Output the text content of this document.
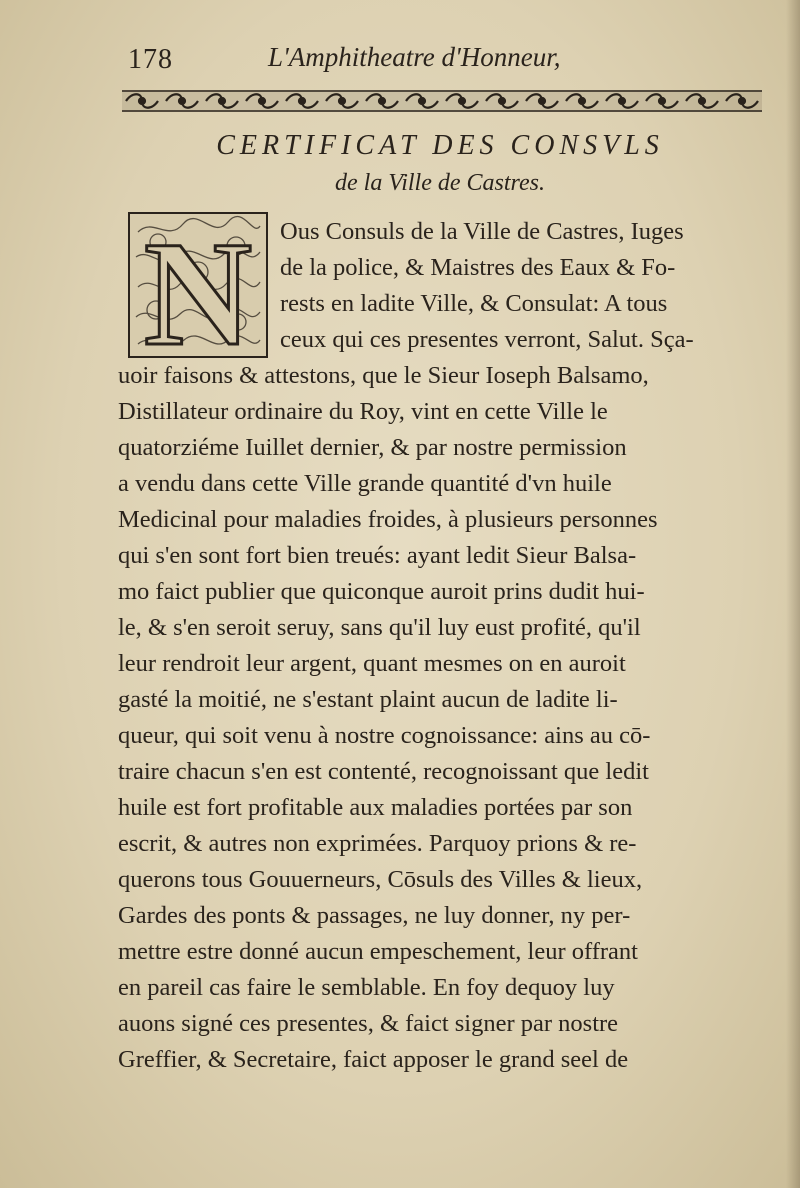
178	L'Amphitheatre d'Honneur,
CERTIFICAT DES CONSVLS
de la Ville de Castres.
N Ous Consuls de la Ville de Castres, Iuges
de la police, & Maistres des Eaux & Fo-
rests en ladite Ville, & Consulat: A tous
ceux qui ces presentes verront, Salut. Sça-
uoir faisons & attestons, que le Sieur Ioseph Balsamo,
Distillateur ordinaire du Roy, vint en cette Ville le
quatorziéme Iuillet dernier, & par nostre permission
a vendu dans cette Ville grande quantité d'vn huile
Medicinal pour maladies froides, à plusieurs personnes
qui s'en sont fort bien treués: ayant ledit Sieur Balsa-
mo faict publier que quiconque auroit prins dudit hui-
le, & s'en seroit seruy, sans qu'il luy eust profité, qu'il
leur rendroit leur argent, quant mesmes on en auroit
gasté la moitié, ne s'estant plaint aucun de ladite li-
queur, qui soit venu à nostre cognoissance: ains au cō-
traire chacun s'en est contenté, recognoissant que ledit
huile est fort profitable aux maladies portées par son
escrit, & autres non exprimées. Parquoy prions & re-
querons tous Gouuerneurs, Cōsuls des Villes & lieux,
Gardes des ponts & passages, ne luy donner, ny per-
mettre estre donné aucun empeschement, leur offrant
en pareil cas faire le semblable. En foy dequoy luy
auons signé ces presentes, & faict signer par nostre
Greffier, & Secretaire, faict apposer le grand seel de
